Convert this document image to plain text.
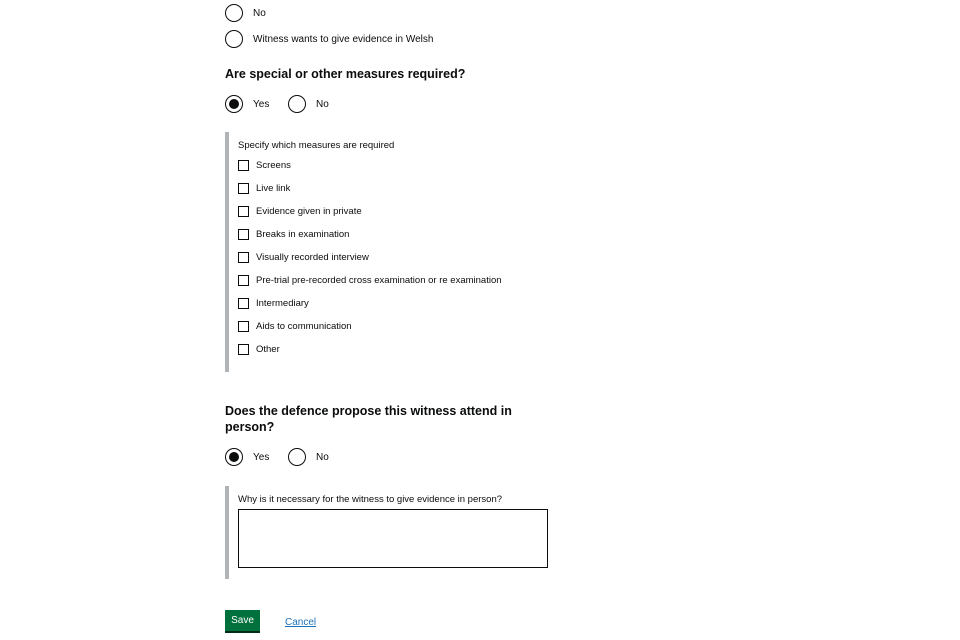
No
Witness wants to give evidence in Welsh
Are special or other measures required?
Yes	No
Specify which measures are required
Screens
Live link
Evidence given in private
Breaks in examination
Visually recorded interview
Pre-trial pre-recorded cross examination or re examination
Intermediary
Aids to communication
Other
Does the defence propose this witness attend in
person?
Yes	No
Why is it necessary for the witness to give evidence in person?
Save	Cancel
